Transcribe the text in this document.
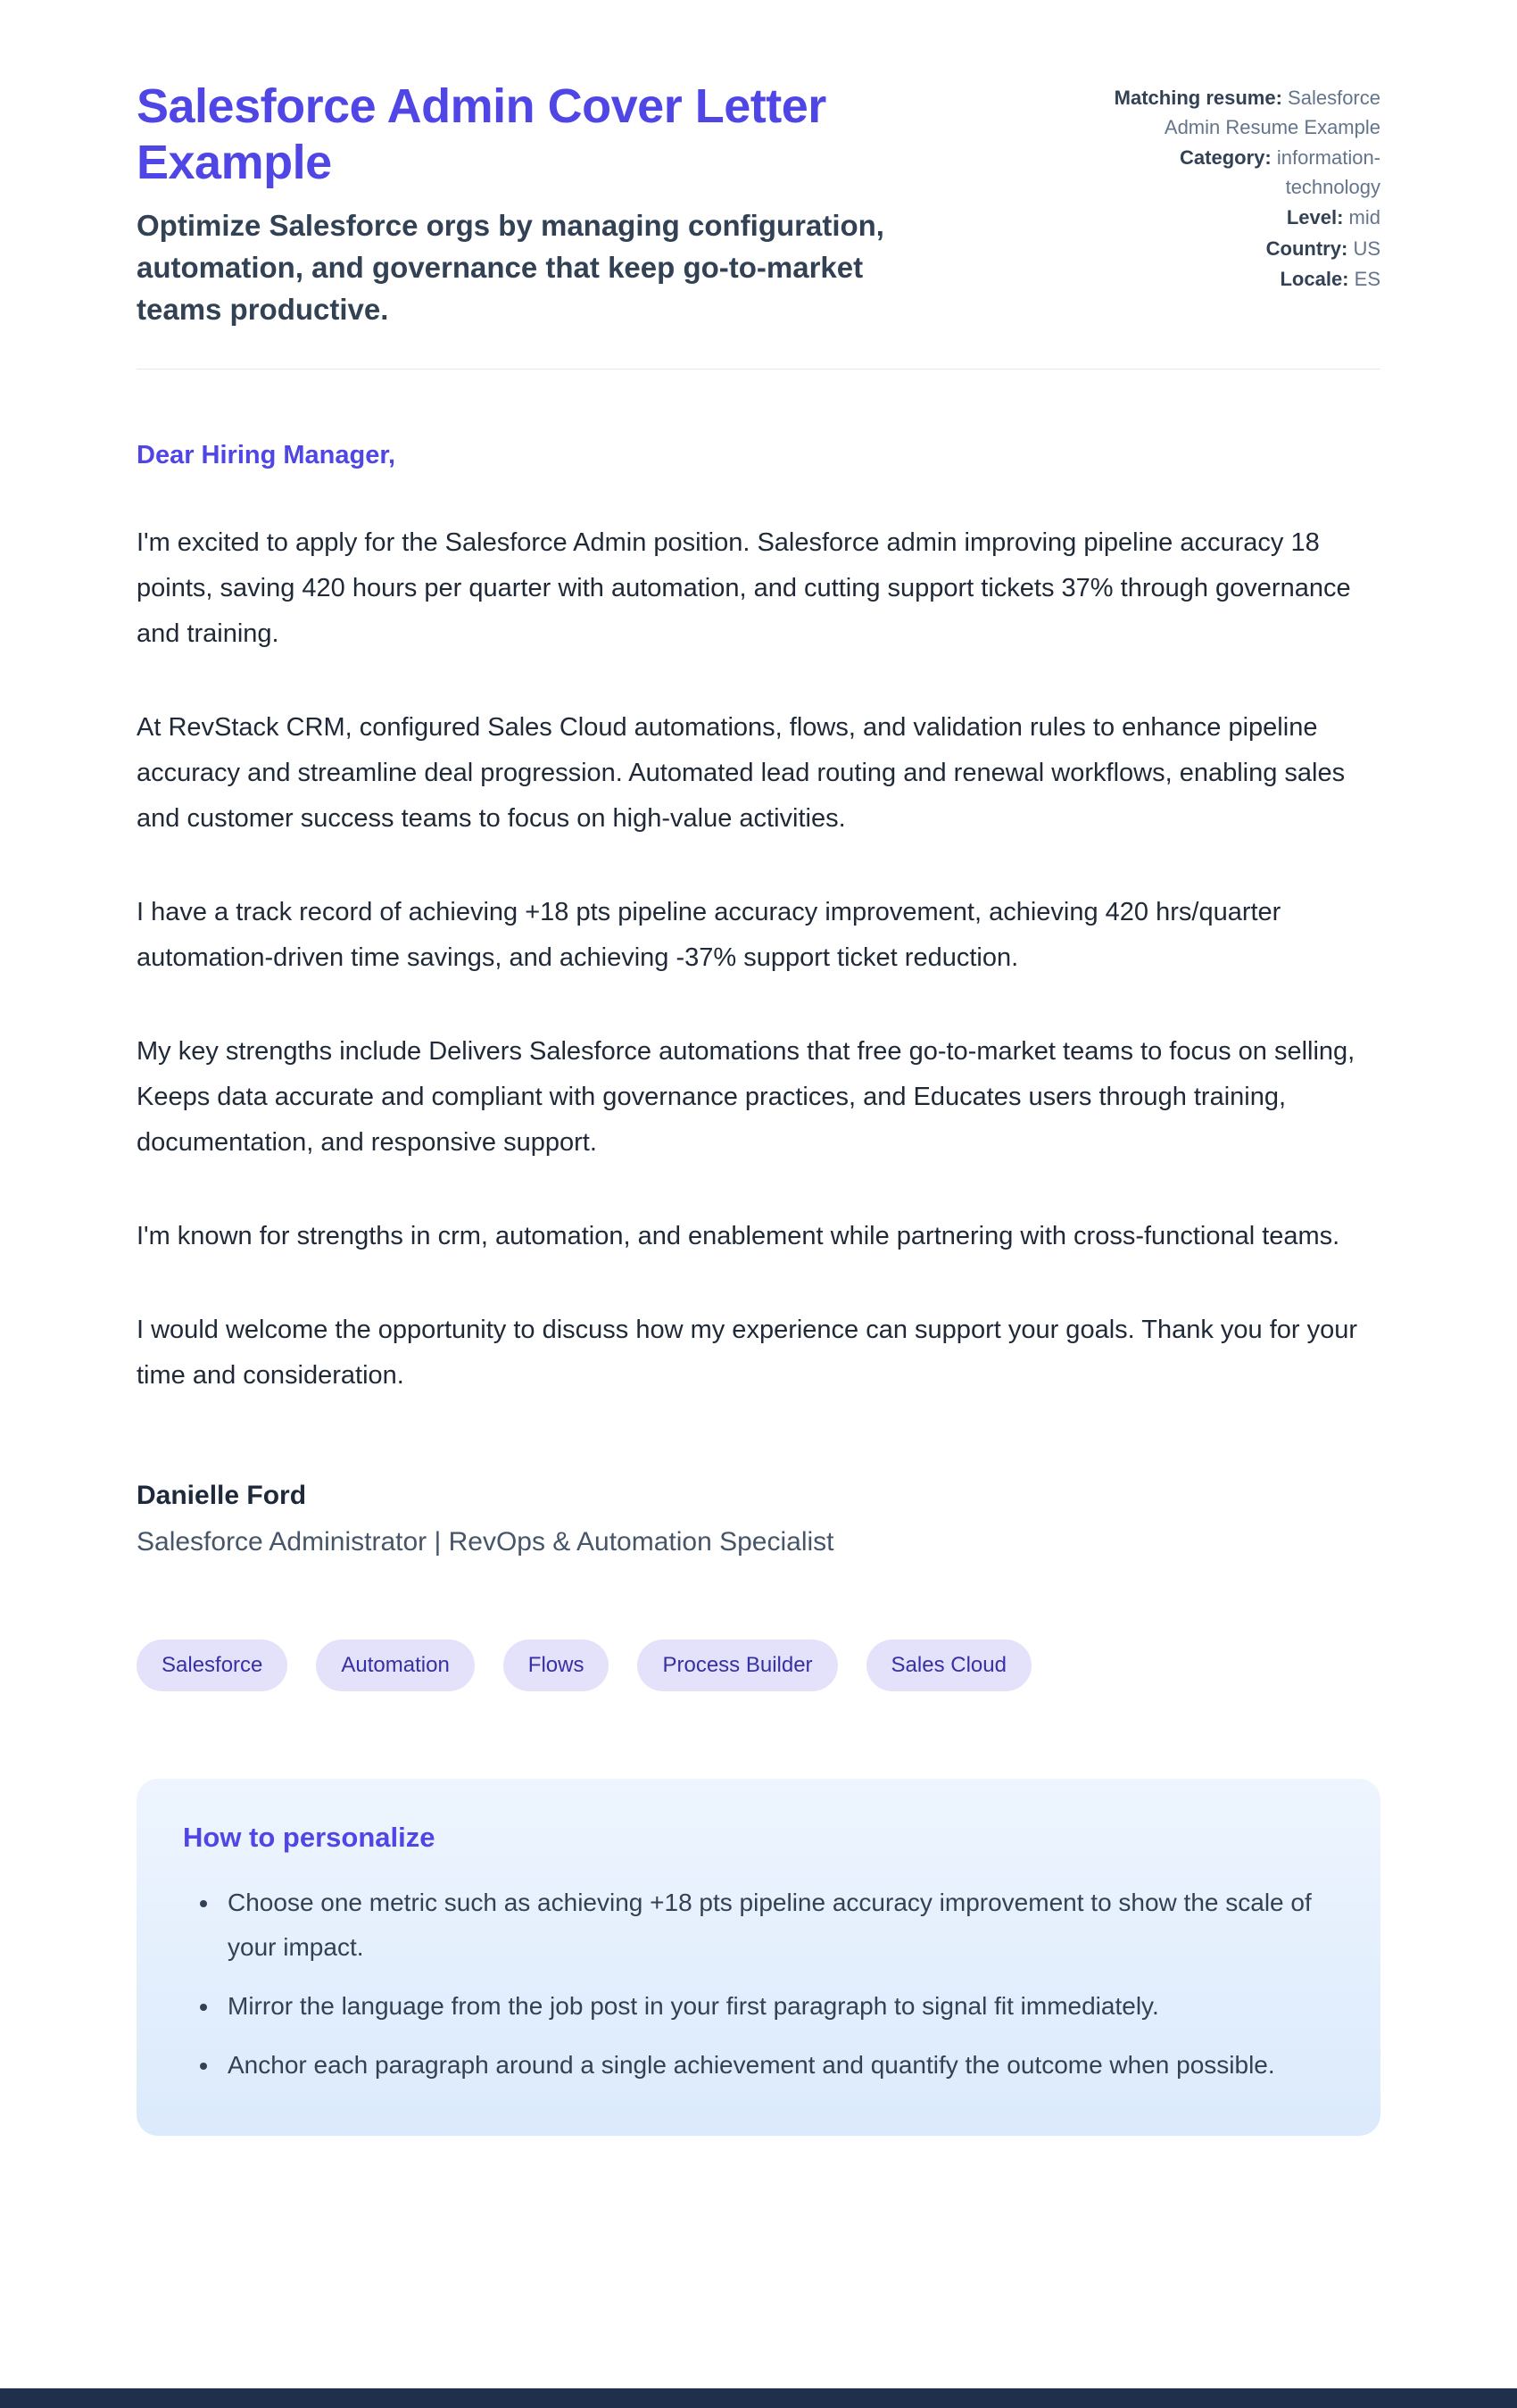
Salesforce Admin Cover Letter Example

Optimize Salesforce orgs by managing configuration, automation, and governance that keep go-to-market teams productive.

Matching resume: Salesforce Admin Resume Example
Category: information-technology
Level: mid
Country: US
Locale: ES

Dear Hiring Manager,

I'm excited to apply for the Salesforce Admin position. Salesforce admin improving pipeline accuracy 18 points, saving 420 hours per quarter with automation, and cutting support tickets 37% through governance and training.

At RevStack CRM, configured Sales Cloud automations, flows, and validation rules to enhance pipeline accuracy and streamline deal progression. Automated lead routing and renewal workflows, enabling sales and customer success teams to focus on high-value activities.

I have a track record of achieving +18 pts pipeline accuracy improvement, achieving 420 hrs/quarter automation-driven time savings, and achieving -37% support ticket reduction.

My key strengths include Delivers Salesforce automations that free go-to-market teams to focus on selling, Keeps data accurate and compliant with governance practices, and Educates users through training, documentation, and responsive support.

I'm known for strengths in crm, automation, and enablement while partnering with cross-functional teams.

I would welcome the opportunity to discuss how my experience can support your goals. Thank you for your time and consideration.

Danielle Ford

Salesforce Administrator | RevOps & Automation Specialist

Salesforce	Automation	Flows	Process Builder	Sales Cloud
How to personalize
• Choose one metric such as achieving +18 pts pipeline accuracy improvement to show the scale of your impact.
• Mirror the language from the job post in your first paragraph to signal fit immediately.
• Anchor each paragraph around a single achievement and quantify the outcome when possible.
